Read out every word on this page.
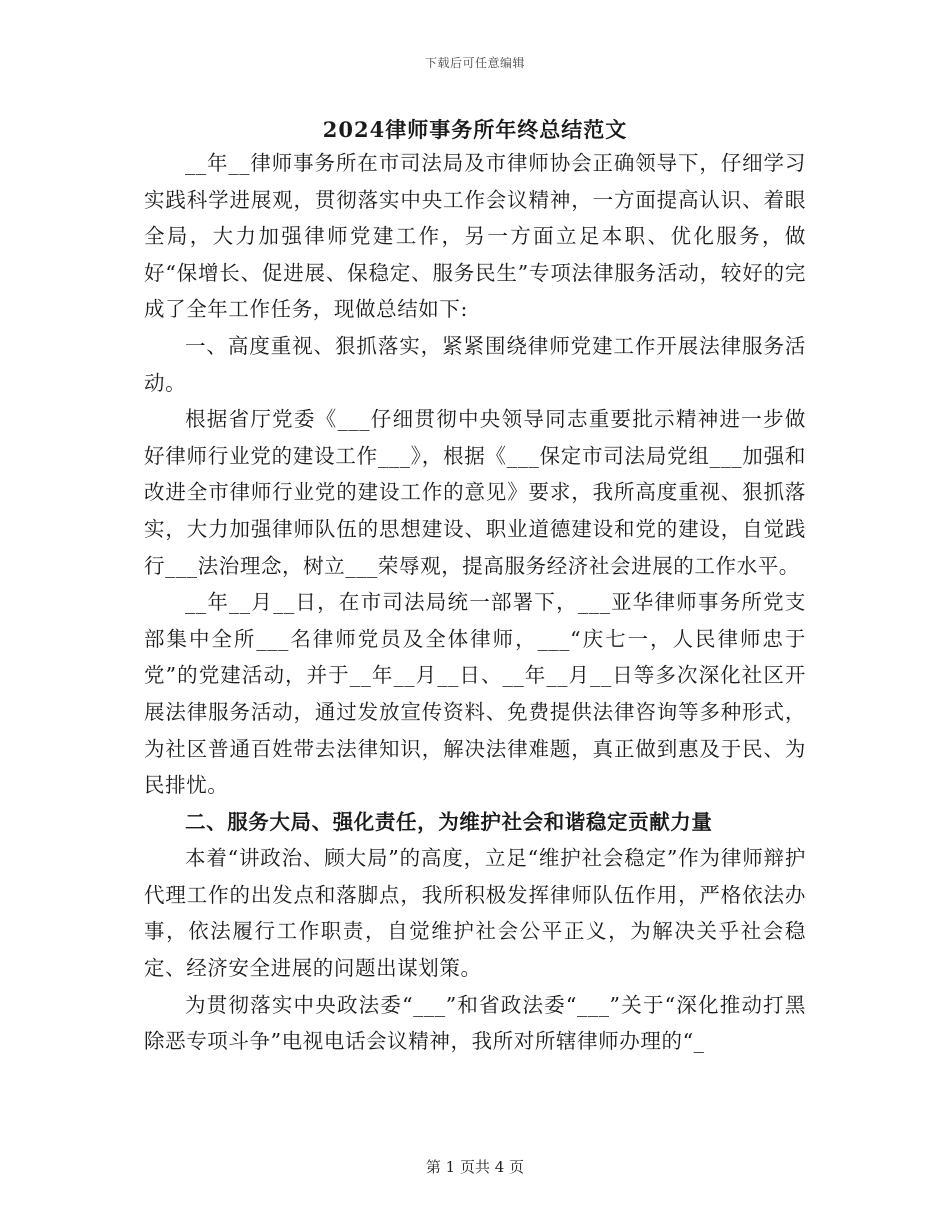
下载后可任意编辑
2024律师事务所年终总结范文

__年__律师事务所在市司法局及市律师协会正确领导下，仔细学习实践科学进展观，贯彻落实中央工作会议精神，一方面提高认识、着眼全局，大力加强律师党建工作，另一方面立足本职、优化服务，做好“保增长、促进展、保稳定、服务民生”专项法律服务活动，较好的完成了全年工作任务，现做总结如下:

一、高度重视、狠抓落实，紧紧围绕律师党建工作开展法律服务活动。

根据省厅党委《___仔细贯彻中央领导同志重要批示精神进一步做好律师行业党的建设工作___》，根据《___保定市司法局党组___加强和改进全市律师行业党的建设工作的意见》要求，我所高度重视、狠抓落实，大力加强律师队伍的思想建设、职业道德建设和党的建设，自觉践行___法治理念，树立___荣辱观，提高服务经济社会进展的工作水平。

__年__月__日，在市司法局统一部署下，___亚华律师事务所党支部集中全所___名律师党员及全体律师，___“庆七一，人民律师忠于党”的党建活动，并于__年__月__日、__年__月__日等多次深化社区开展法律服务活动，通过发放宣传资料、免费提供法律咨询等多种形式，为社区普通百姓带去法律知识，解决法律难题，真正做到惠及于民、为民排忧。

二、服务大局、强化责任，为维护社会和谐稳定贡献力量

本着“讲政治、顾大局”的高度，立足“维护社会稳定”作为律师辩护代理工作的出发点和落脚点，我所积极发挥律师队伍作用，严格依法办事，依法履行工作职责，自觉维护社会公平正义，为解决关乎社会稳定、经济安全进展的问题出谋划策。

为贯彻落实中央政法委“___”和省政法委“___”关于“深化推动打黑除恶专项斗争”电视电话会议精神，我所对所辖律师办理的“_

第 1 页共 4 页
